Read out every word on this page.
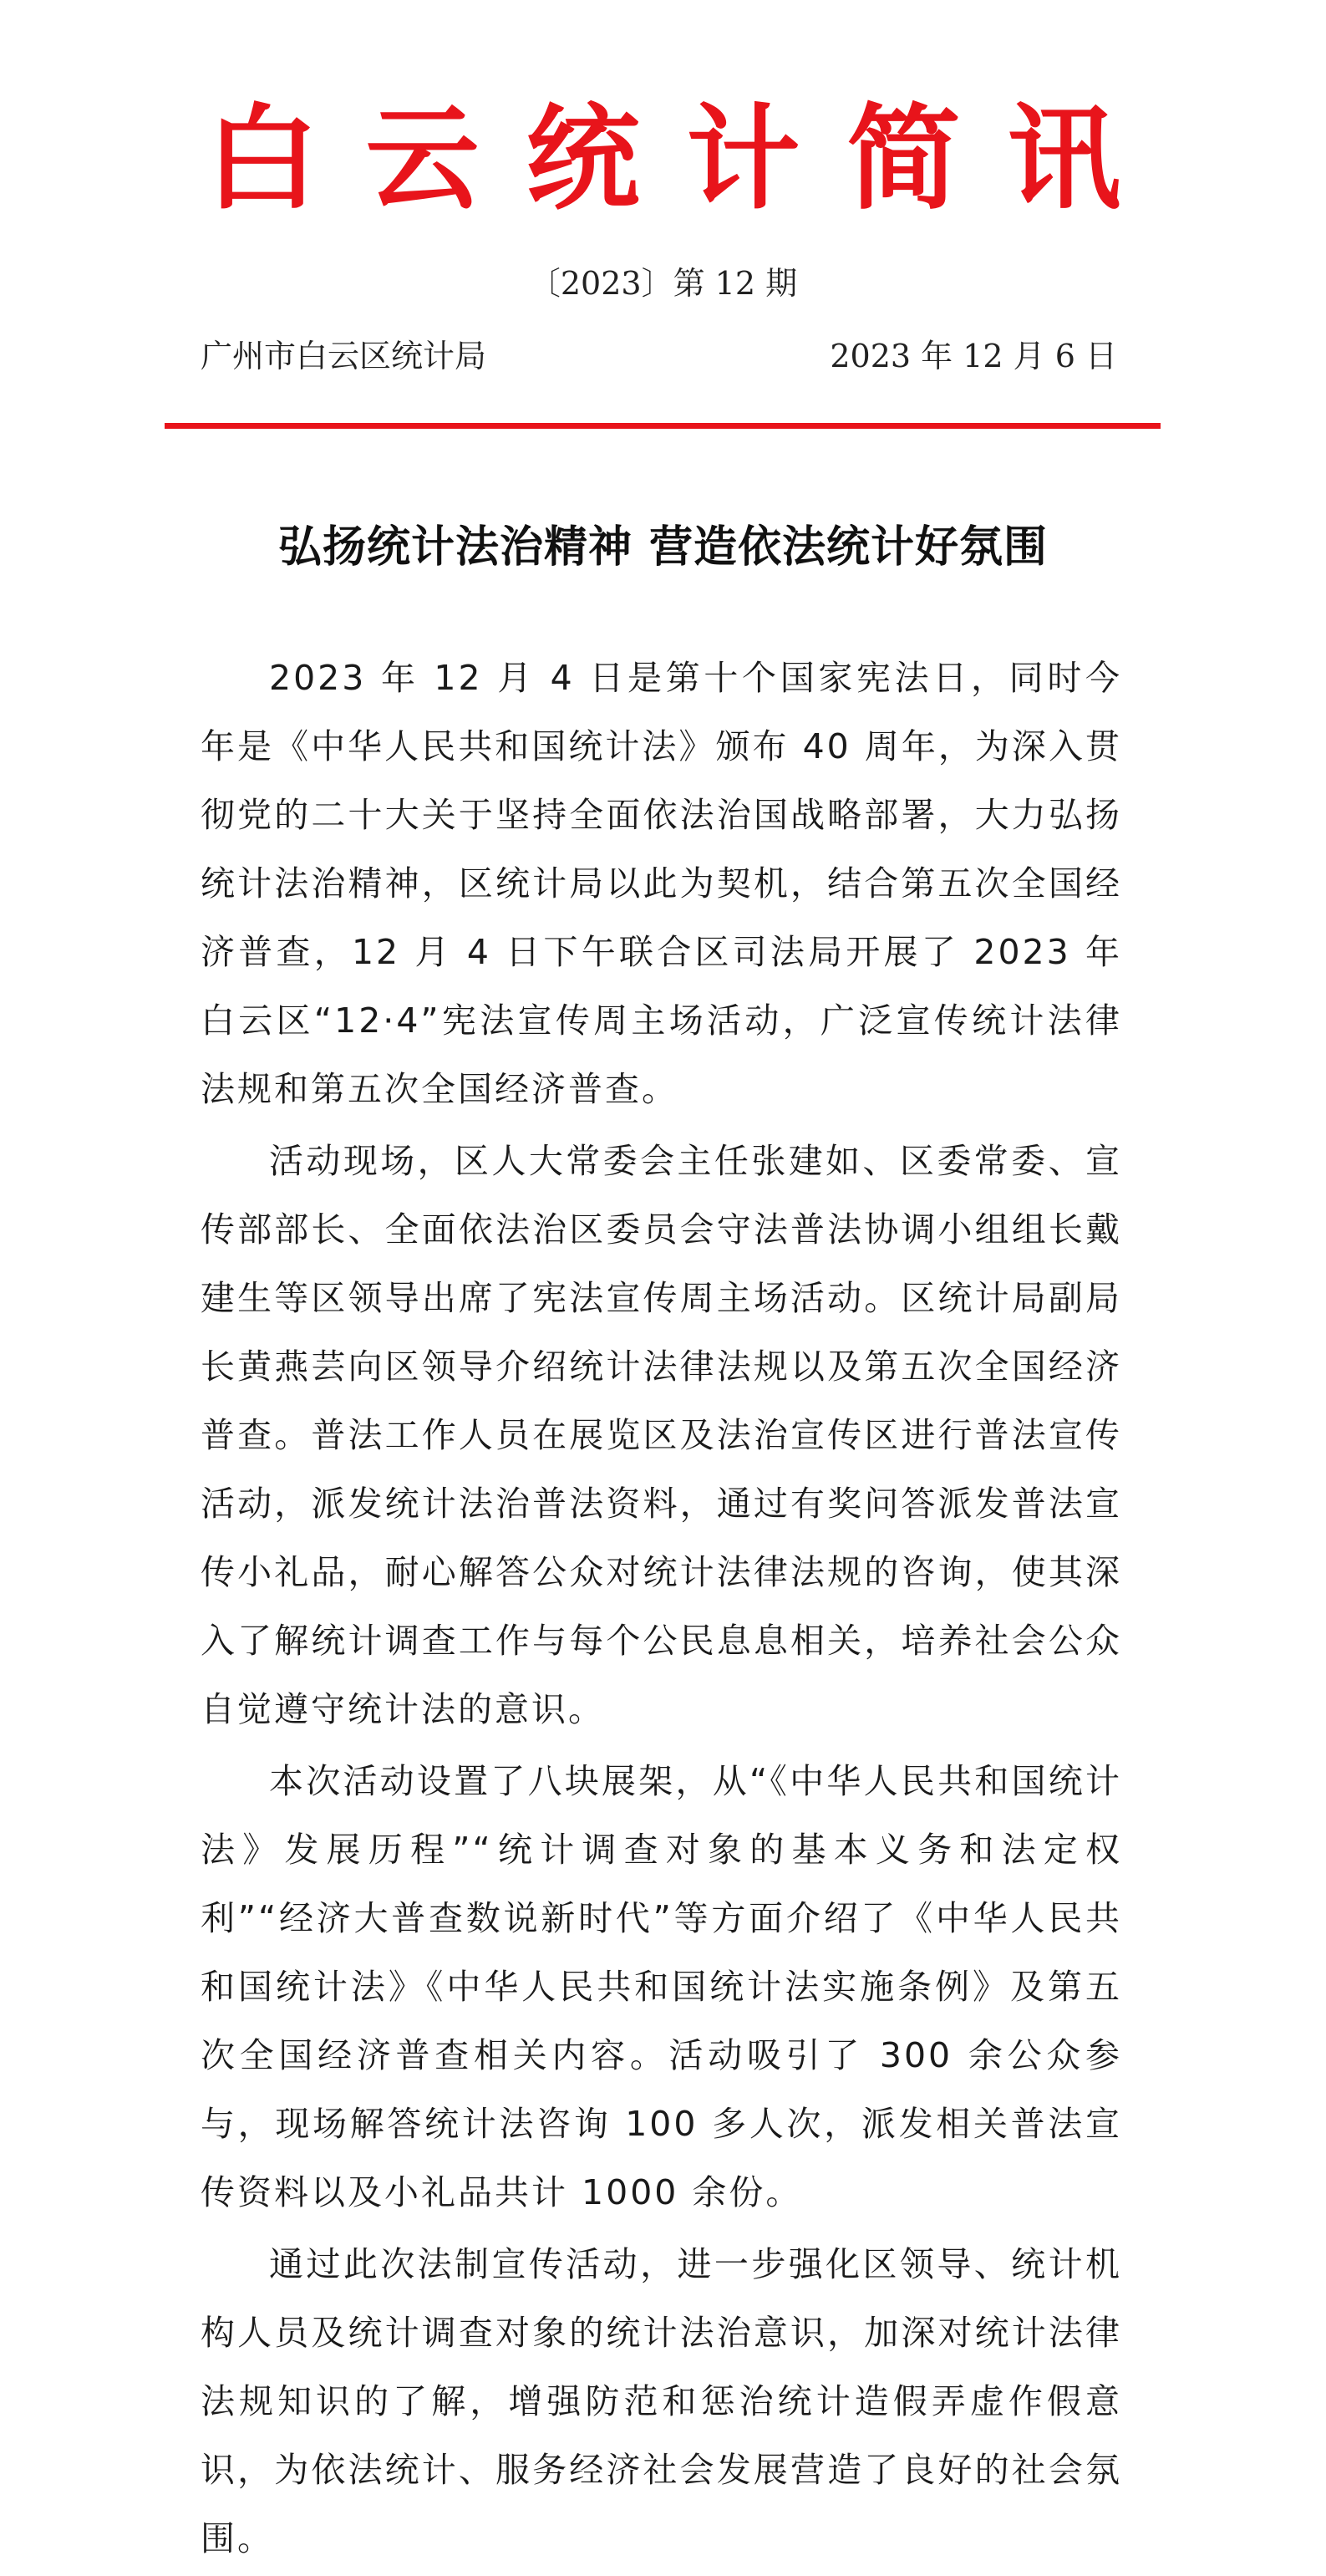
白云统计简讯
〔2023〕第 12 期
广州市白云区统计局	2023 年 12 月 6 日
弘扬统计法治精神 营造依法统计好氛围

2023 年 12 月 4 日是第十个国家宪法日，同时今年是《中华人民共和国统计法》颁布 40 周年，为深入贯彻党的二十大关于坚持全面依法治国战略部署，大力弘扬统计法治精神，区统计局以此为契机，结合第五次全国经济普查，12 月 4 日下午联合区司法局开展了 2023 年白云区“12·4”宪法宣传周主场活动，广泛宣传统计法律法规和第五次全国经济普查。

活动现场，区人大常委会主任张建如、区委常委、宣传部部长、全面依法治区委员会守法普法协调小组组长戴建生等区领导出席了宪法宣传周主场活动。区统计局副局长黄燕芸向区领导介绍统计法律法规以及第五次全国经济普查。普法工作人员在展览区及法治宣传区进行普法宣传活动，派发统计法治普法资料，通过有奖问答派发普法宣传小礼品，耐心解答公众对统计法律法规的咨询，使其深入了解统计调查工作与每个公民息息相关，培养社会公众自觉遵守统计法的意识。

本次活动设置了八块展架，从“《中华人民共和国统计法》发展历程”“统计调查对象的基本义务和法定权利”“经济大普查数说新时代”等方面介绍了《中华人民共和国统计法》《中华人民共和国统计法实施条例》及第五次全国经济普查相关内容。活动吸引了 300 余公众参与，现场解答统计法咨询 100 多人次，派发相关普法宣传资料以及小礼品共计 1000 余份。

通过此次法制宣传活动，进一步强化区领导、统计机构人员及统计调查对象的统计法治意识，加深对统计法律法规知识的了解，增强防范和惩治统计造假弄虚作假意识，为依法统计、服务经济社会发展营造了良好的社会氛围。
